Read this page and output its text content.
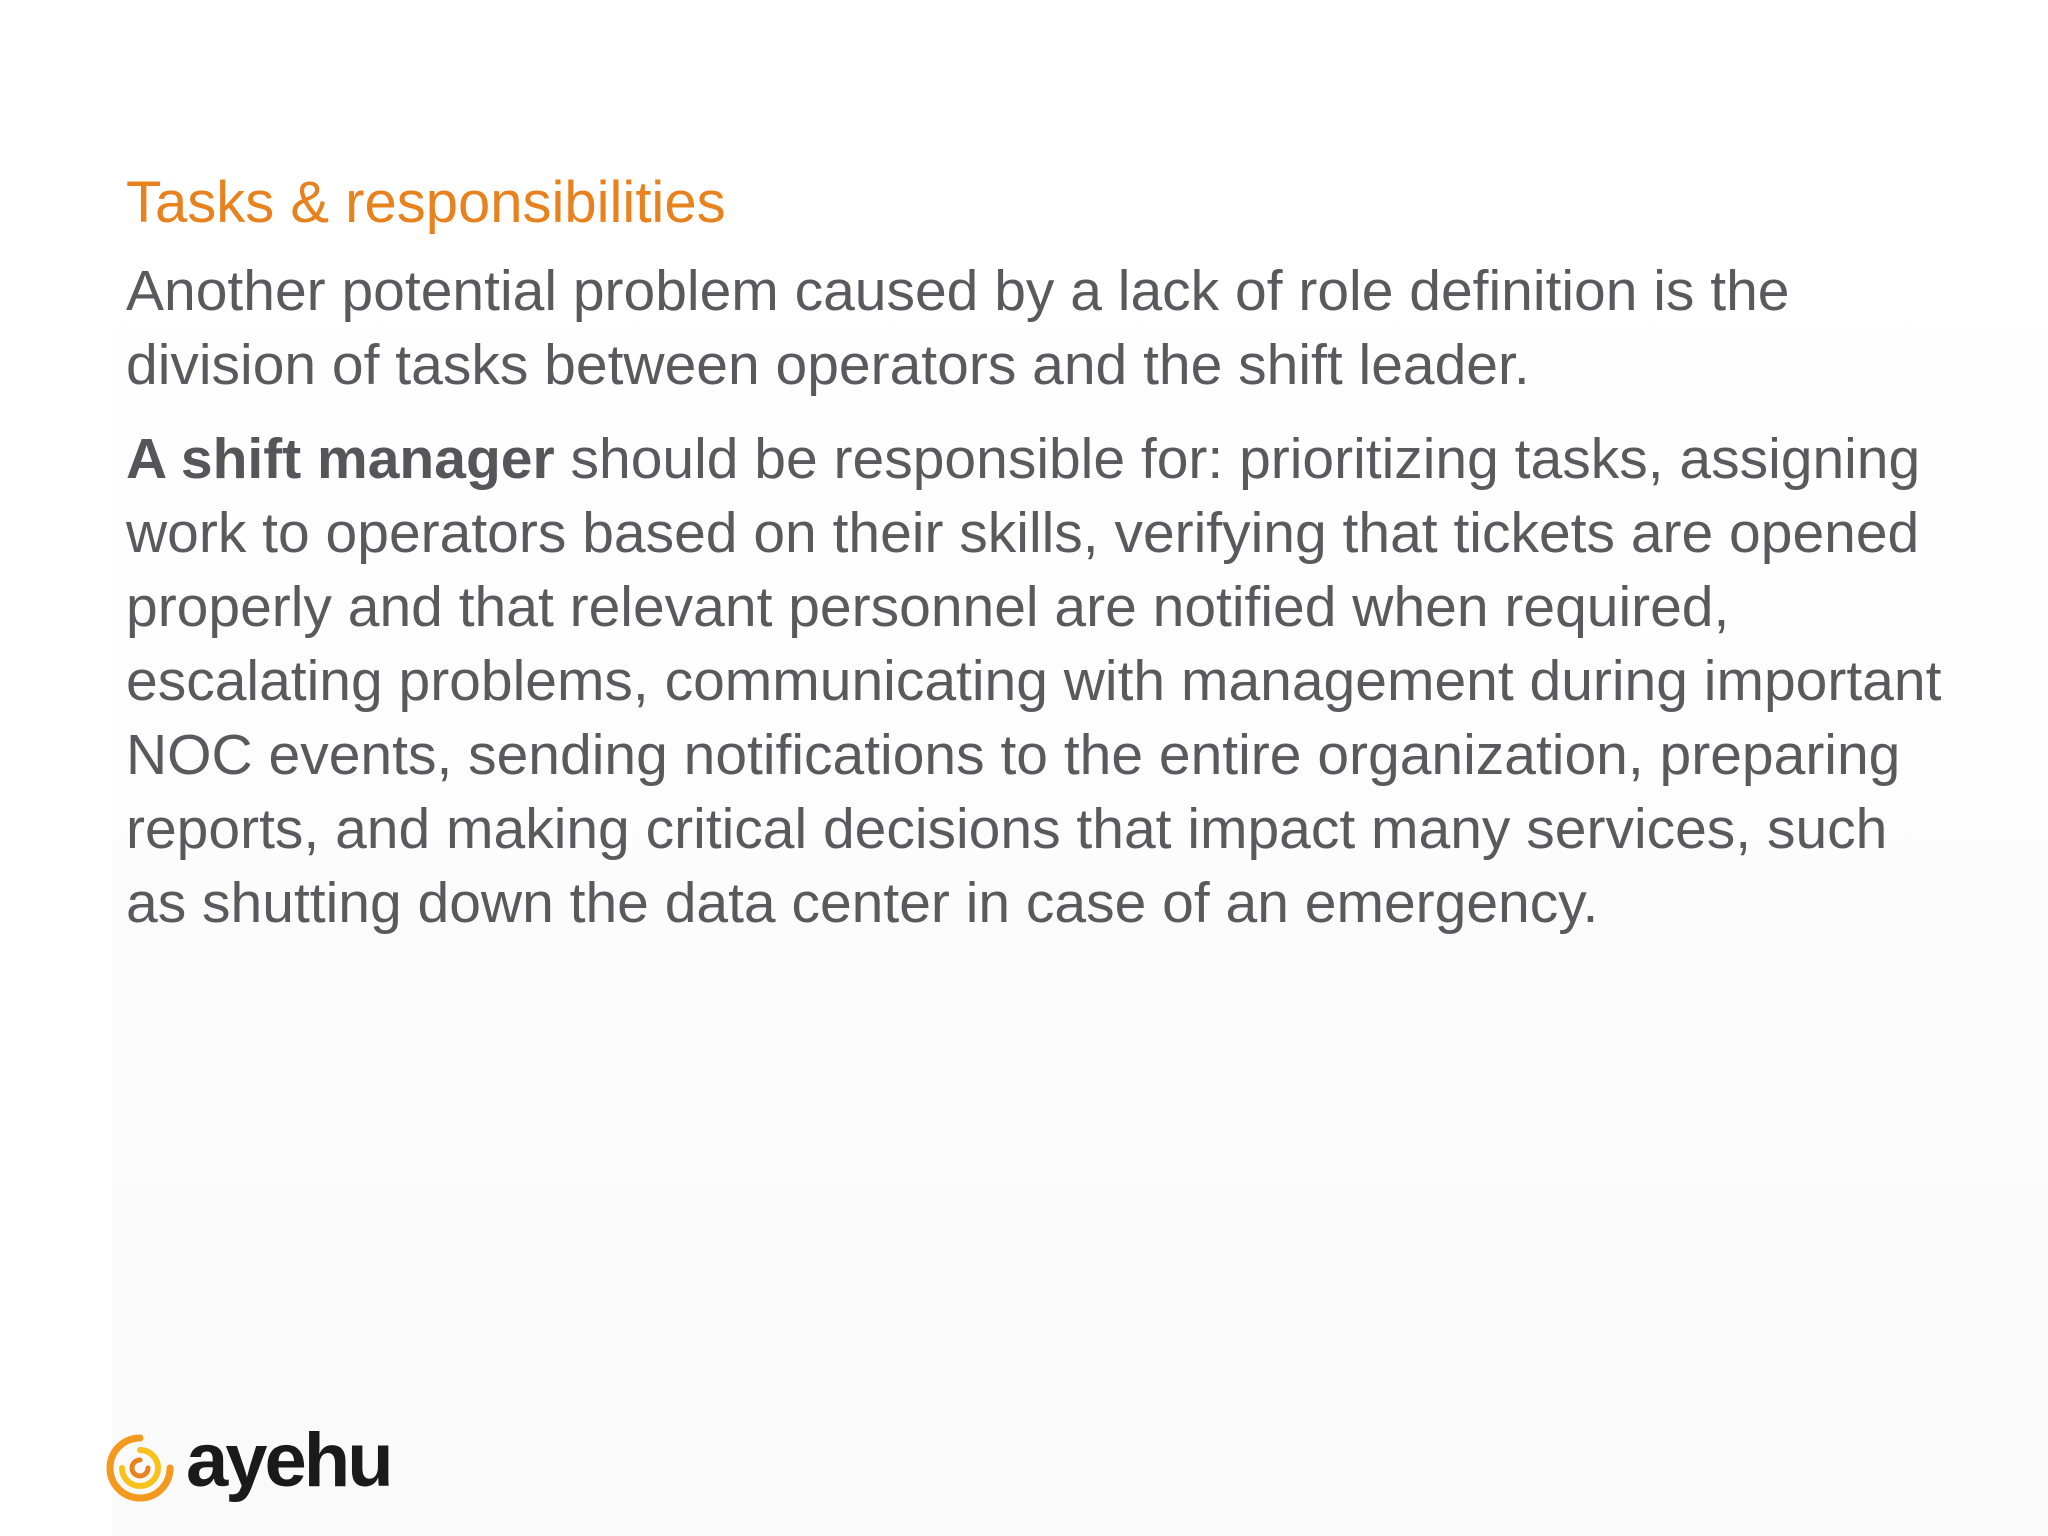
Tasks & responsibilities

Another potential problem caused by a lack of role definition is the division of tasks between operators and the shift leader.

A shift manager should be responsible for: prioritizing tasks, assigning work to operators based on their skills, verifying that tickets are opened properly and that relevant personnel are notified when required, escalating problems, communicating with management during important NOC events, sending notifications to the entire organization, preparing reports, and making critical decisions that impact many services, such as shutting down the data center in case of an emergency.

ayehu
